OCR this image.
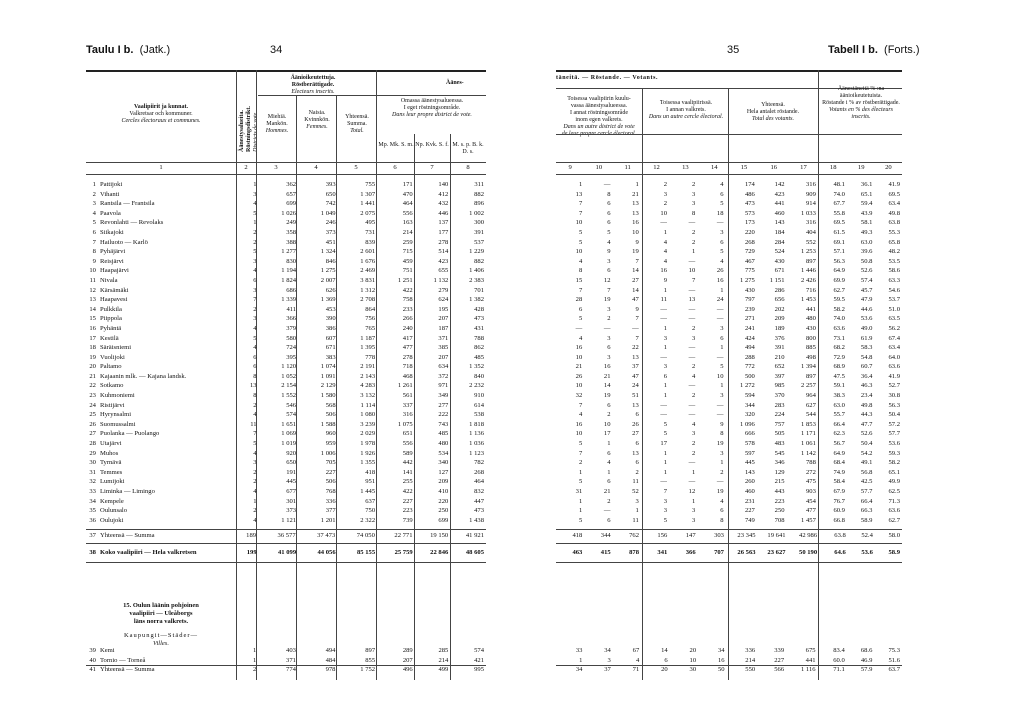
Taulu I b. (Jatk.)	34	35	Tabell I b. (Forts.)
Vaalipiirit ja kunnat.
Valkretsar och kommuner.
Cercles électoraux et communes.	Äänestysalueita. Röstningsdistrikt. Districts de vote.
Äänioikeutettuja.
Röstberättigade.
Electeurs inscrits.
Äänes-
Miehiä.
Mankön.
Hommes.
Naisia.
Kvinnkön.
Femmes.
Yhteensä.
Summa.
Total.
Omassa äänestysalueessa.
I eget röstningsområde.
Dans leur propre district de vote.
Mp. Mk. S. m. Np. Kvk. S. f. M. s. p. B. k. D. s.
1	2	3	4	5	6	7	8
1	Pattijoki	1	362	393	755	171	140	311
2	Vihanti	3	657	650	1 307	470	412	882
3	Rantsila — Frantsila	4	699	742	1 441	464	432	896
4	Paavola	5	1 026	1 049	2 075	556	446	1 002
5	Revonlahti — Revolaks	1	249	246	495	163	137	300
6	Siikajoki	2	358	373	731	214	177	391
7	Hailuoto — Karlö	2	388	451	839	259	278	537
8	Pyhäjärvi	5	1 277	1 324	2 601	715	514	1 229
9	Reisjärvi	3	830	846	1 676	459	423	882
10	Haapajärvi	4	1 194	1 275	2 469	751	655	1 406
11	Nivala	6	1 824	2 007	3 831	1 251	1 132	2 383
12	Kärsämäki	3	686	626	1 312	422	279	701
13	Haapavesi	7	1 339	1 369	2 708	758	624	1 382
14	Pulkkila	2	411	453	864	233	195	428
15	Piippola	3	366	390	756	266	207	473
16	Pyhäntä	4	379	386	765	240	187	431
17	Kestilä	5	580	607	1 187	417	371	788
18	Säräisniemi	4	724	671	1 395	477	385	862
19	Vuolijoki	6	395	383	778	278	207	485
20	Paltamo	6	1 120	1 074	2 191	718	634	1 352
21	Kajaanin mlk. — Kajana landsk.	8	1 052	1 091	2 143	468	372	840
22	Sotkamo	13	2 154	2 129	4 283	1 261	971	2 232
23	Kuhmoniemi	8	1 552	1 580	3 132	561	349	910
24	Ristijärvi	2	546	568	1 114	337	277	614
25	Hyrynsalmi	4	574	506	1 080	316	222	538
26	Suomussalmi	11	1 651	1 588	3 239	1 075	743	1 818
27	Puolanka — Puolango	7	1 069	960	2 029	651	485	1 136
28	Utajärvi	5	1 019	959	1 978	556	480	1 036
29	Muhos	4	920	1 006	1 926	589	534	1 123
30	Tyrnävä	3	650	705	1 355	442	340	782
31	Temmes	2	191	227	418	141	127	268
32	Lumijoki	2	445	506	951	255	209	464
33	Liminka — Limingo	4	677	768	1 445	422	410	832
34	Kempele	1	301	336	637	227	220	447
35	Oulunsalo	2	373	377	750	223	250	473
36	Oulujoki	4	1 121	1 201	2 322	739	699	1 438
37	Yhteensä — Summa	189	36 577	37 473	74 050	22 771	19 150	41 921
38	Koko vaalipiiri — Hela valkretsen	199	41 099	44 056	85 155	25 759	22 846	48 605
15. Oulun läänin pohjoinen
vaalipiiri — Uleåborgs
läns norra valkrets.
Kaupungit—Städer—
Villes.
39	Kemi	1	403	494	897	289	285	574
40	Tornio — Torneå	1	371	484	855	207	214	421
41	Yhteensä — Summa	2	774	978	1 752	496	499	995
täneitä. — Röstande. — Votants.
Toisessa vaalipiirin kuulu-
vassa äänestysalueessa.
I annat röstningsområde
inom egen valkrets.
Dans un autre district de vote
de leur propre cercle électoral.
Toisessa vaalipiirissä.
I annan valkrets.
Dans un autre cercle électoral.
Yhteensä.
Hela antalet röstande.
Total des votants.
Äänestäneitä % :na äänioikeutetuista.
Röstande i % av röstberättigade.
Votants en % des électeurs inscrits.
9	10	11	12	13	14	15	16	17	18	19	20
1	—	1	2	2	4	174	142	316	48.1	36.1	41.9
13	8	21	3	3	6	486	423	909	74.0	65.1	69.5
7	6	13	2	3	5	473	441	914	67.7	59.4	63.4
7	6	13	10	8	18	573	460	1 033	55.8	43.9	49.8
10	6	16	—	—	—	173	143	316	69.5	58.1	63.8
5	5	10	1	2	3	220	184	404	61.5	49.3	55.3
5	4	9	4	2	6	268	284	552	69.1	63.0	65.8
10	9	19	4	1	5	729	524	1 253	57.1	39.6	48.2
4	3	7	4	—	4	467	430	897	56.3	50.8	53.5
8	6	14	16	10	26	775	671	1 446	64.9	52.6	58.6
15	12	27	9	7	16	1 275	1 151	2 426	69.9	57.4	63.3
7	7	14	1	—	1	430	286	716	62.7	45.7	54.6
28	19	47	11	13	24	797	656	1 453	59.5	47.9	53.7
6	3	9	—	—	—	239	202	441	58.2	44.6	51.0
5	2	7	—	—	—	271	209	480	74.0	53.6	63.5
—	—	—	1	2	3	241	189	430	63.6	49.0	56.2
4	3	7	3	3	6	424	376	800	73.1	61.9	67.4
16	6	22	1	—	1	494	391	885	68.2	58.3	63.4
10	3	13	—	—	—	288	210	498	72.9	54.8	64.0
21	16	37	3	2	5	772	652	1 394	68.9	60.7	63.6
26	21	47	6	4	10	500	397	897	47.5	36.4	41.9
10	14	24	1	—	1	1 272	985	2 257	59.1	46.3	52.7
32	19	51	1	2	3	594	370	964	38.3	23.4	30.8
7	6	13	—	—	—	344	283	627	63.0	49.8	56.3
4	2	6	—	—	—	320	224	544	55.7	44.3	50.4
16	10	26	5	4	9	1 096	757	1 853	66.4	47.7	57.2
10	17	27	5	3	8	666	505	1 171	62.3	52.6	57.7
5	1	6	17	2	19	578	483	1 061	56.7	50.4	53.6
7	6	13	1	2	3	597	545	1 142	64.9	54.2	59.3
2	4	6	1	—	1	445	346	788	68.4	49.1	58.2
1	1	2	1	1	2	143	129	272	74.9	56.8	65.1
5	6	11	—	—	—	260	215	475	58.4	42.5	49.9
31	21	52	7	12	19	460	443	903	67.9	57.7	62.5
1	2	3	3	1	4	231	223	454	76.7	66.4	71.3
1	—	1	3	3	6	227	250	477	60.9	66.3	63.6
5	6	11	5	3	8	749	708	1 457	66.8	58.9	62.7
418	344	762	156	147	303	23 345	19 641	42 986	63.8	52.4	58.0
463	415	878	341	366	707	26 563	23 627	50 190	64.6	53.6	58.9
33	34	67	14	20	34	336	339	675	83.4	68.6	75.3
1	3	4	6	10	16	214	227	441	60.0	46.9	51.6
34	37	71	20	30	50	550	566	1 116	71.1	57.9	63.7
